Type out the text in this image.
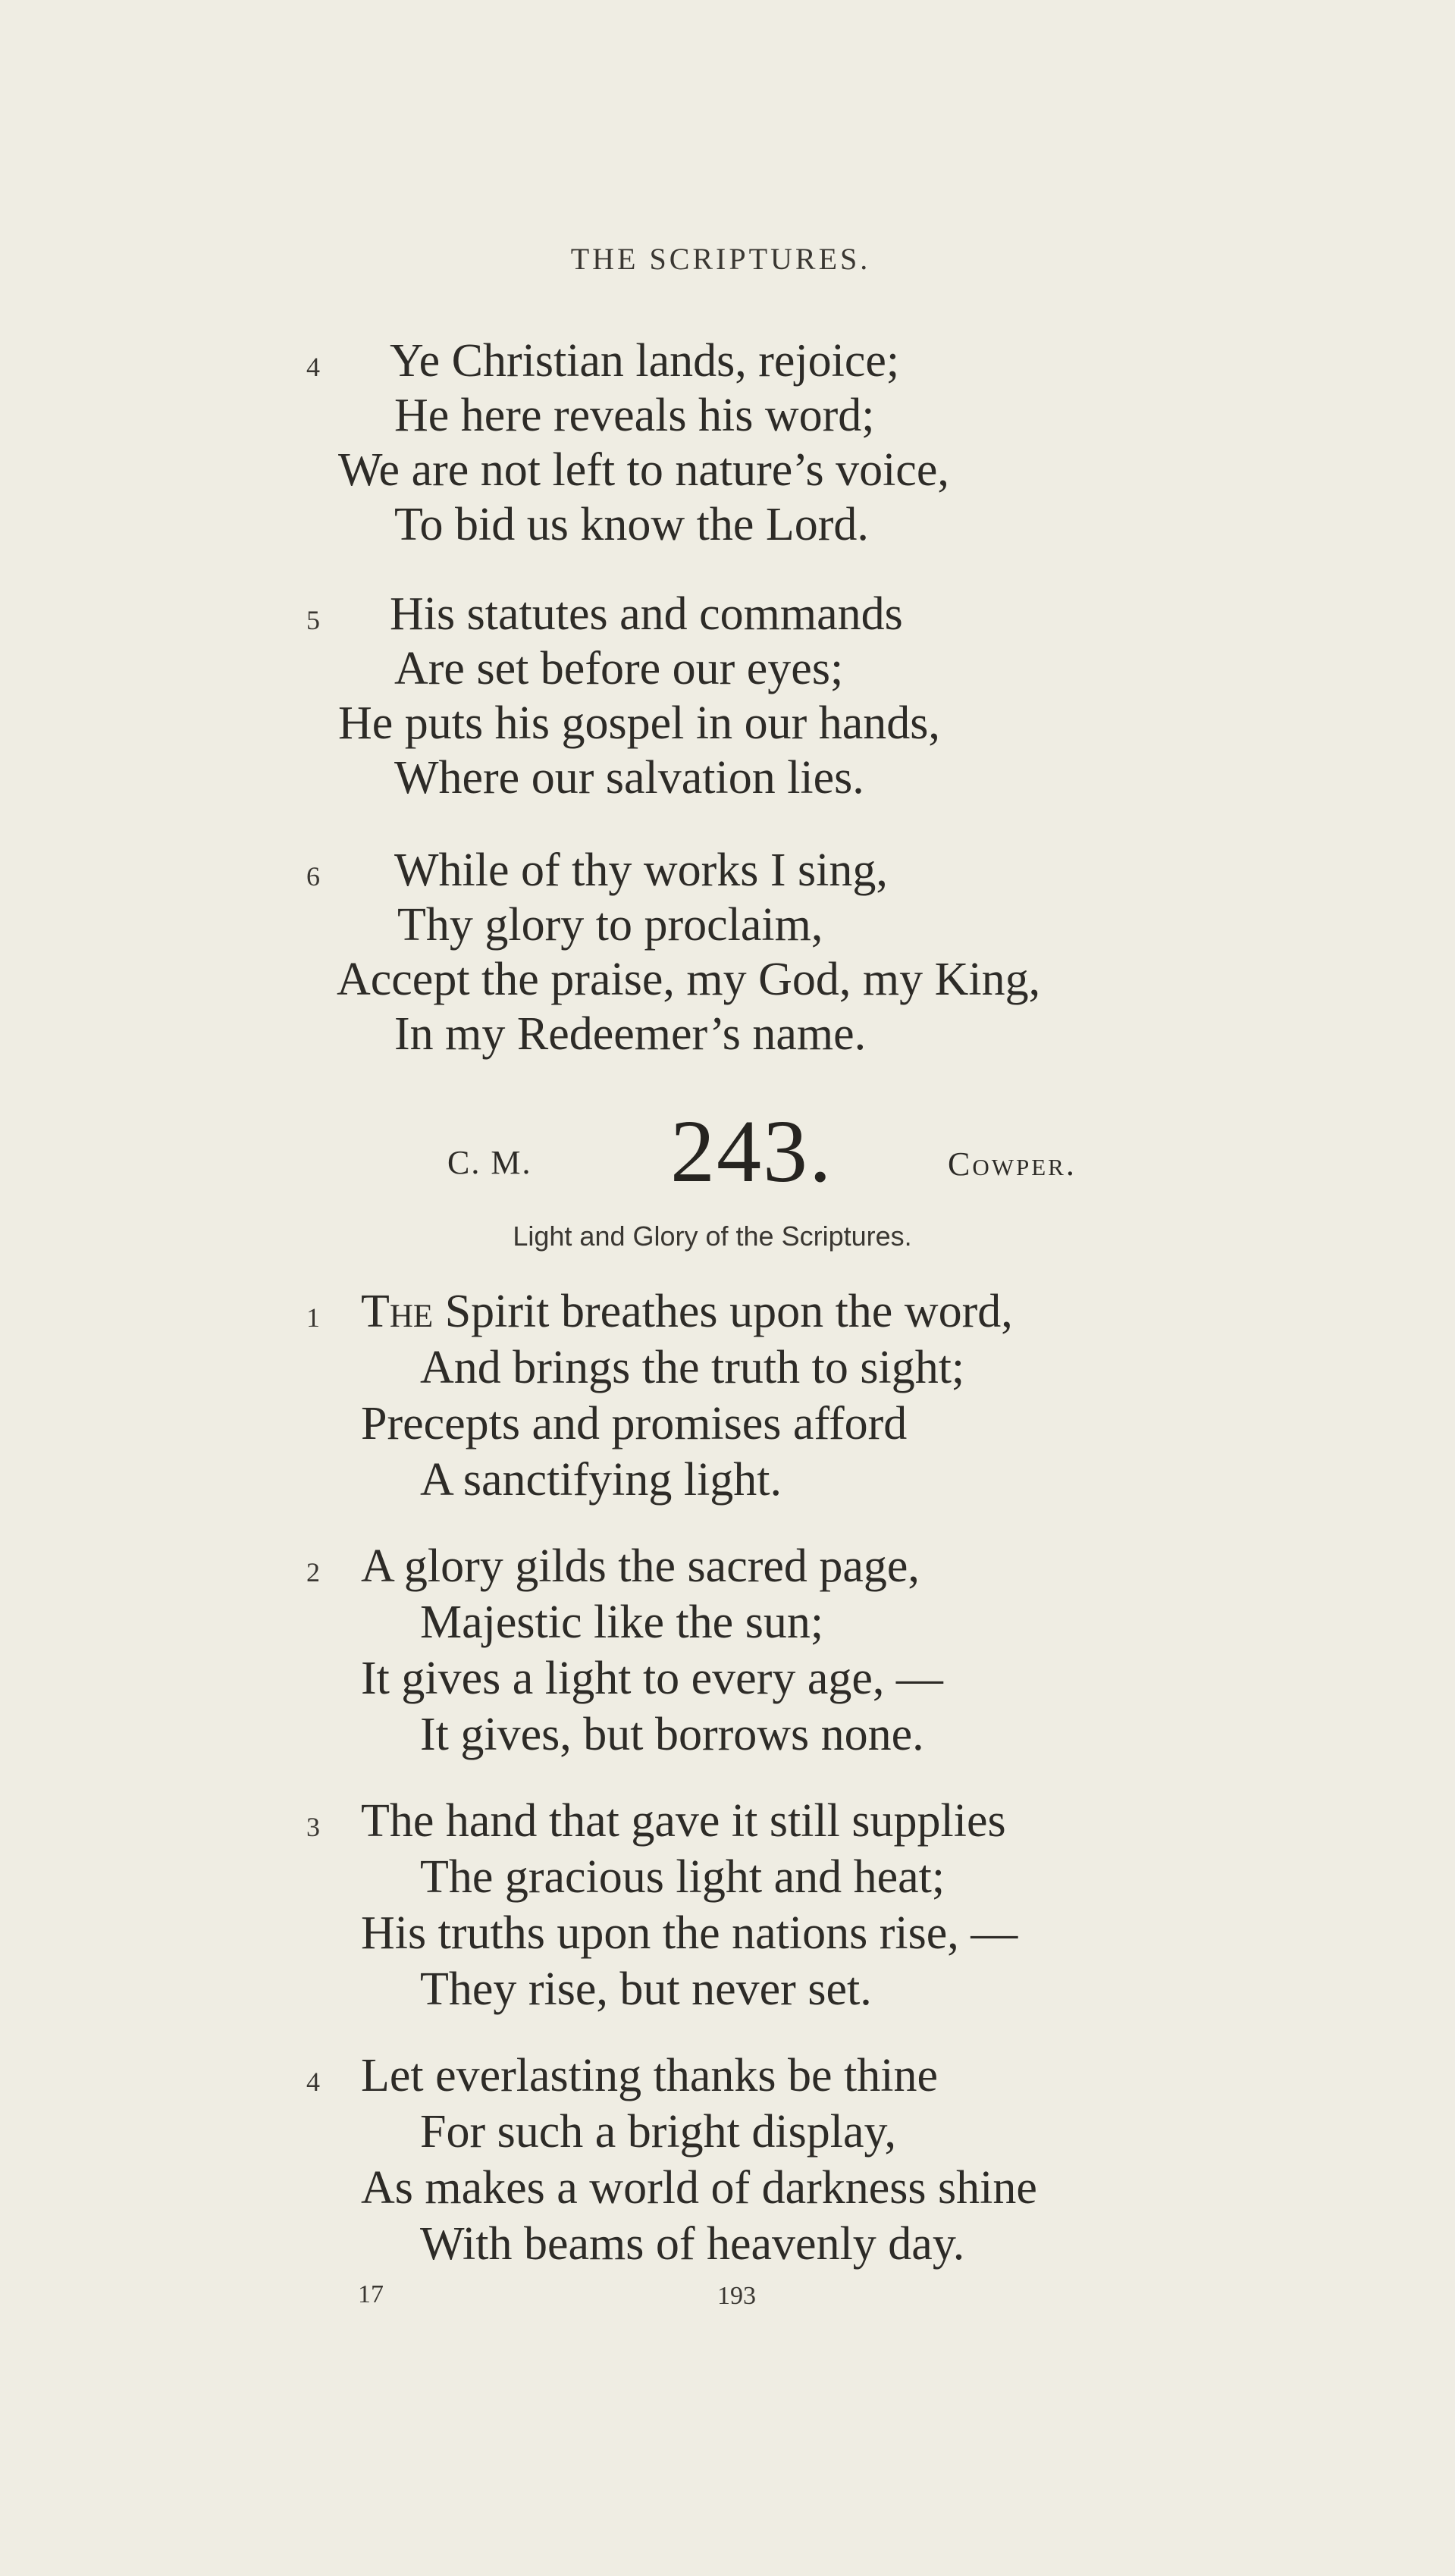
THE SCRIPTURES.
4 Ye Christian lands, rejoice;
He here reveals his word;
We are not left to nature’s voice,
To bid us know the Lord.
5 His statutes and commands
Are set before our eyes;
He puts his gospel in our hands,
Where our salvation lies.
6 While of thy works I sing,
Thy glory to proclaim,
Accept the praise, my God, my King,
In my Redeemer’s name.
C. M. 243.	Cowper.
Light and Glory of the Scriptures.
1 The Spirit breathes upon the word,
And brings the truth to sight;
Precepts and promises afford
A sanctifying light.
2 A glory gilds the sacred page,
Majestic like the sun;
It gives a light to every age, —
It gives, but borrows none.
3 The hand that gave it still supplies
The gracious light and heat;
His truths upon the nations rise, —
They rise, but never set.
4 Let everlasting thanks be thine
For such a bright display,
As makes a world of darkness shine
With beams of heavenly day.
17	193
